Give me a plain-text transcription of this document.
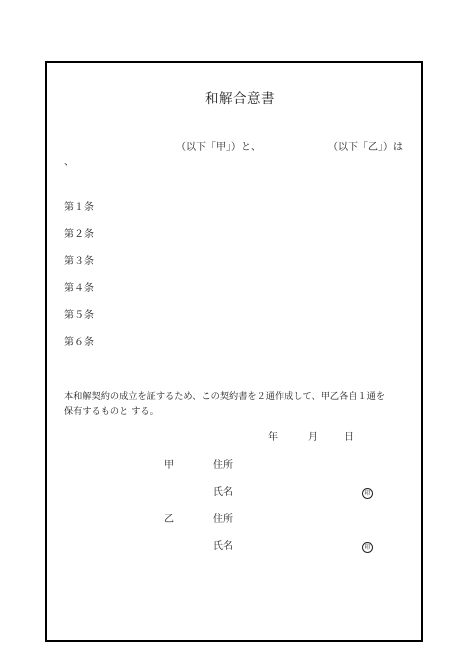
和解合意書
（以下「甲」）と、	（以下「乙」）は
、
第１条
第２条
第３条
第４条
第５条
第６条
本和解契約の成立を証するため、この契約書を２通作成して、甲乙各自１通を
保有するものと する。
年	月	日
甲	住所
氏名	印
乙	住所
氏名	印
